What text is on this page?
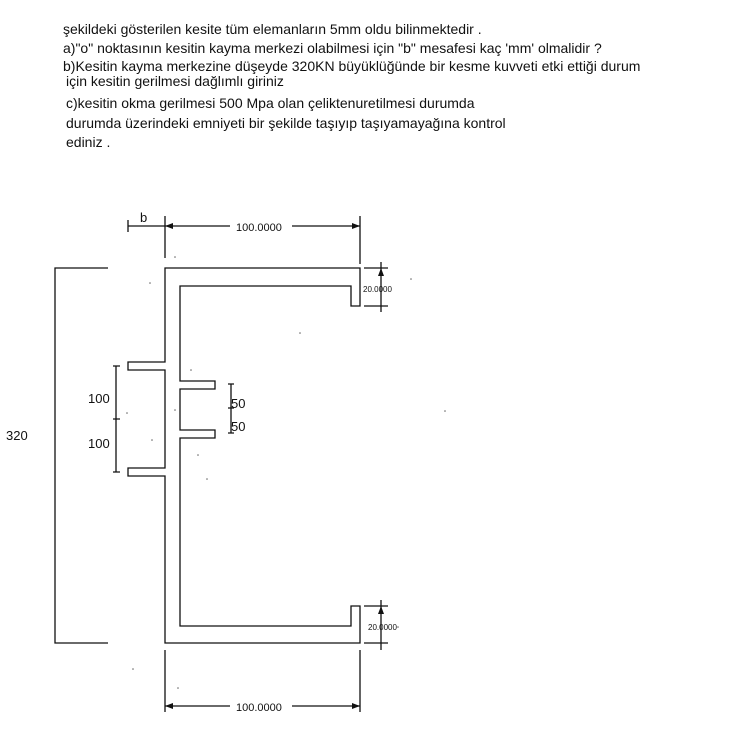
şekildeki gösterilen kesite tüm elemanların 5mm oldu bilinmektedir .
a)"o" noktasının kesitin kayma merkezi olabilmesi için "b" mesafesi kaç 'mm' olmalidir ?
b)Kesitin kayma merkezine düşeyde 320KN büyüklüğünde bir kesme kuvveti etki ettiği durum
için kesitin gerilmesi dağlımlı giriniz
c)kesitin okma gerilmesi 500 Mpa olan çeliktenuretilmesi durumda
durumda üzerindeki emniyeti bir şekilde taşıyıp taşıyamayağına kontrol
ediniz .
b
100.0000
100.0000
20.0000
20.0000
320
100
100
50
50
